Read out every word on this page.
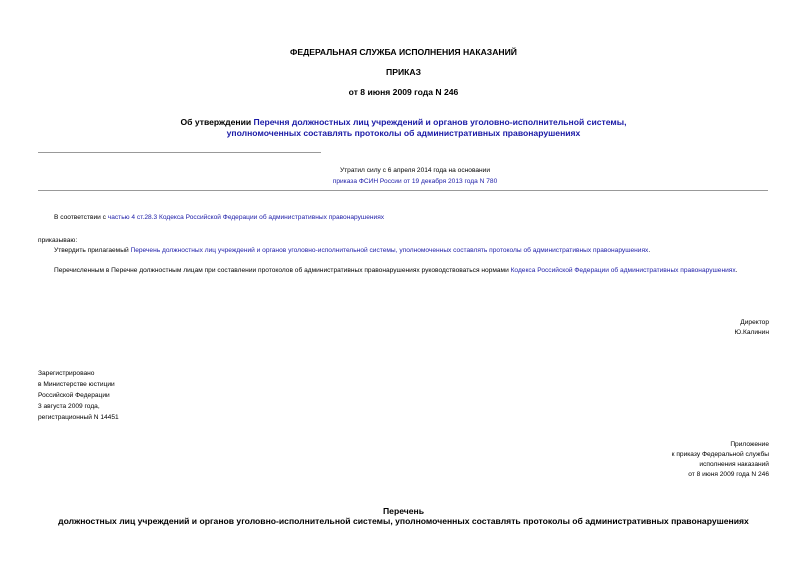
ФЕДЕРАЛЬНАЯ СЛУЖБА ИСПОЛНЕНИЯ НАКАЗАНИЙ
ПРИКАЗ
от 8 июня 2009 года N 246
Об утверждении Перечня должностных лиц учреждений и органов уголовно-исполнительной системы,
уполномоченных составлять протоколы об административных правонарушениях
Утратил силу с 6 апреля 2014 года на основании
приказа ФСИН России от 19 декабря 2013 года N 780
В соответствии с частью 4 ст.28.3 Кодекса Российской Федерации об административных правонарушениях
приказываю:
Утвердить прилагаемый Перечень должностных лиц учреждений и органов уголовно-исполнительной системы, уполномоченных составлять протоколы об административных правонарушениях.
Перечисленным в Перечне должностным лицам при составлении протоколов об административных правонарушениях руководствоваться нормами Кодекса Российской Федерации об административных правонарушениях.
Директор
Ю.Калинин
Зарегистрировано
в Министерстве юстиции
Российской Федерации
3 августа 2009 года,
регистрационный N 14451
Приложение
к приказу Федеральной службы
исполнения наказаний
от 8 июня 2009 года N 246
Перечень
должностных лиц учреждений и органов уголовно-исполнительной системы, уполномоченных составлять протоколы об административных правонарушениях
